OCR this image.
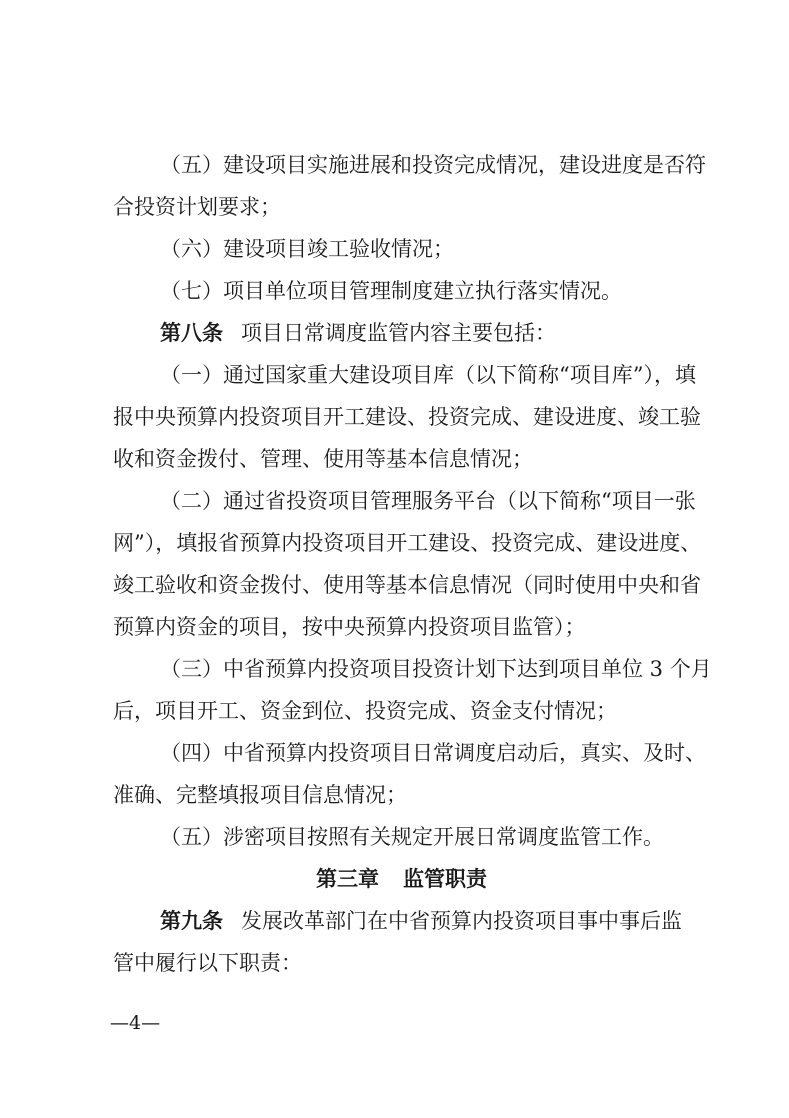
（五）建设项目实施进展和投资完成情况，建设进度是否符
合投资计划要求；
（六）建设项目竣工验收情况；
（七）项目单位项目管理制度建立执行落实情况。
第八条 项目日常调度监管内容主要包括：
（一）通过国家重大建设项目库（以下简称“项目库”），填
报中央预算内投资项目开工建设、投资完成、建设进度、竣工验
收和资金拨付、管理、使用等基本信息情况；
（二）通过省投资项目管理服务平台（以下简称“项目一张
网”），填报省预算内投资项目开工建设、投资完成、建设进度、
竣工验收和资金拨付、使用等基本信息情况（同时使用中央和省
预算内资金的项目，按中央预算内投资项目监管）；
（三）中省预算内投资项目投资计划下达到项目单位 3 个月
后，项目开工、资金到位、投资完成、资金支付情况；
（四）中省预算内投资项目日常调度启动后，真实、及时、
准确、完整填报项目信息情况；
（五）涉密项目按照有关规定开展日常调度监管工作。
第三章 监管职责
第九条 发展改革部门在中省预算内投资项目事中事后监
管中履行以下职责：
—4—
